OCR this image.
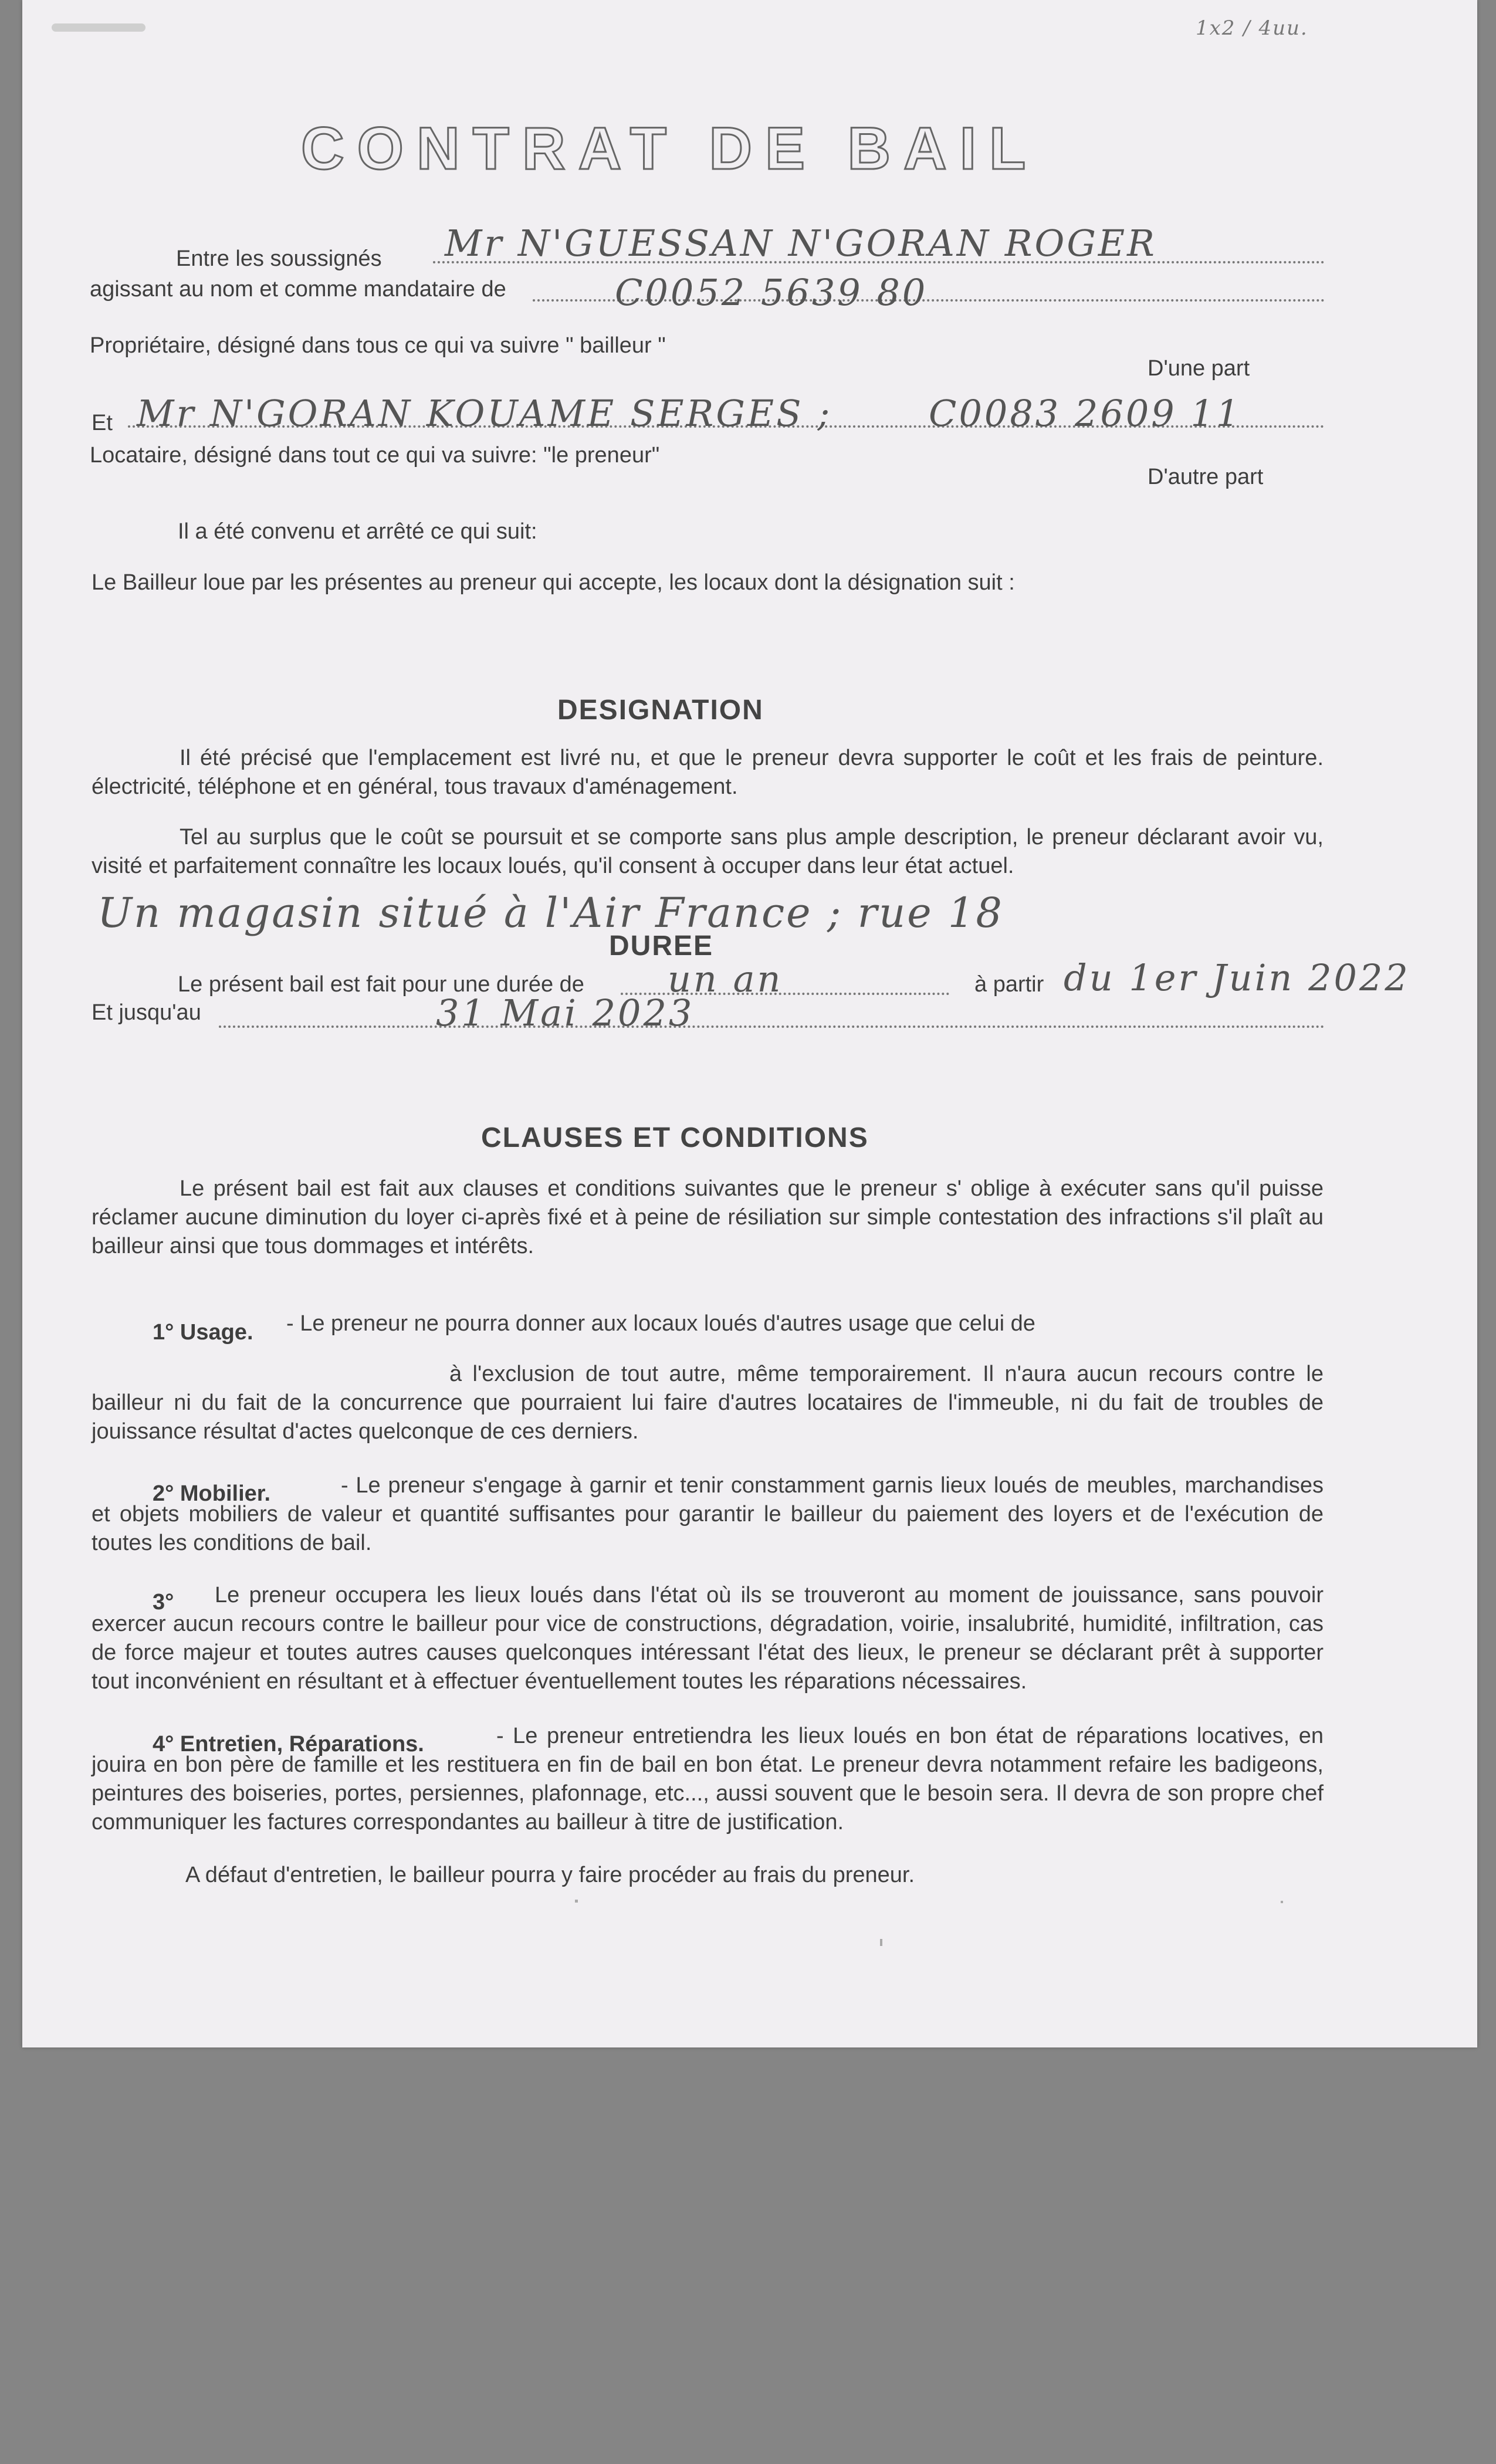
1x2 / 4uu.
CONTRAT DE BAIL
Entre les soussignés Mr N'GUESSAN N'GORAN ROGER
agissant au nom et comme mandataire de	C0052 5639 80
Propriétaire, désigné dans tous ce qui va suivre " bailleur "
D'une part
Et Mr N'GORAN KOUAME SERGES ;	C0083 2609 11
Locataire, désigné dans tout ce qui va suivre: "le preneur"
D'autre part
Il a été convenu et arrêté ce qui suit:
Le Bailleur loue par les présentes au preneur qui accepte, les locaux dont la désignation suit :
DESIGNATION
Il été précisé que l'emplacement est livré nu, et que le preneur devra supporter le coût et les frais de peinture. électricité, téléphone et en général, tous travaux d'aménagement.
Tel au surplus que le coût se poursuit et se comporte sans plus ample description, le preneur déclarant avoir vu, visité et parfaitement connaître les locaux loués, qu'il consent à occuper dans leur état actuel.
Un magasin situé à l'Air France ; rue 18
DUREE
Le présent bail est fait pour une durée de un an	à partir du 1er Juin 2022
Et jusqu'au	31 Mai 2023
CLAUSES ET CONDITIONS
Le présent bail est fait aux clauses et conditions suivantes que le preneur s' oblige à exécuter sans qu'il puisse réclamer aucune diminution du loyer ci-après fixé et à peine de résiliation sur simple contestation des infractions s'il plaît au bailleur ainsi que tous dommages et intérêts.
1° Usage. - Le preneur ne pourra donner aux locaux loués d'autres usage que celui de
à l'exclusion de tout autre, même temporairement. Il n'aura aucun recours contre le bailleur ni du fait de la concurrence que pourraient lui faire d'autres locataires de l'immeuble, ni du fait de troubles de jouissance résultat d'actes quelconque de ces derniers.
- Le preneur s'engage à garnir et tenir constamment garnis lieux loués de meubles, marchandises et objets mobiliers de valeur et quantité suffisantes pour garantir le bailleur du paiement des loyers et de l'exécution de toutes les conditions de bail.
2° Mobilier.
Le preneur occupera les lieux loués dans l'état où ils se trouveront au moment de jouissance, sans pouvoir exercer aucun recours contre le bailleur pour vice de constructions, dégradation, voirie, insalubrité, humidité, infiltration, cas de force majeur et toutes autres causes quelconques intéressant l'état des lieux, le preneur se déclarant prêt à supporter tout inconvénient en résultant et à effectuer éventuellement toutes les réparations nécessaires.
3°
- Le preneur entretiendra les lieux loués en bon état de réparations locatives, en jouira en bon père de famille et les restituera en fin de bail en bon état. Le preneur devra notamment refaire les badigeons, peintures des boiseries, portes, persiennes, plafonnage, etc..., aussi souvent que le besoin sera. Il devra de son propre chef communiquer les factures correspondantes au bailleur à titre de justification.
4° Entretien, Réparations.
A défaut d'entretien, le bailleur pourra y faire procéder au frais du preneur.
